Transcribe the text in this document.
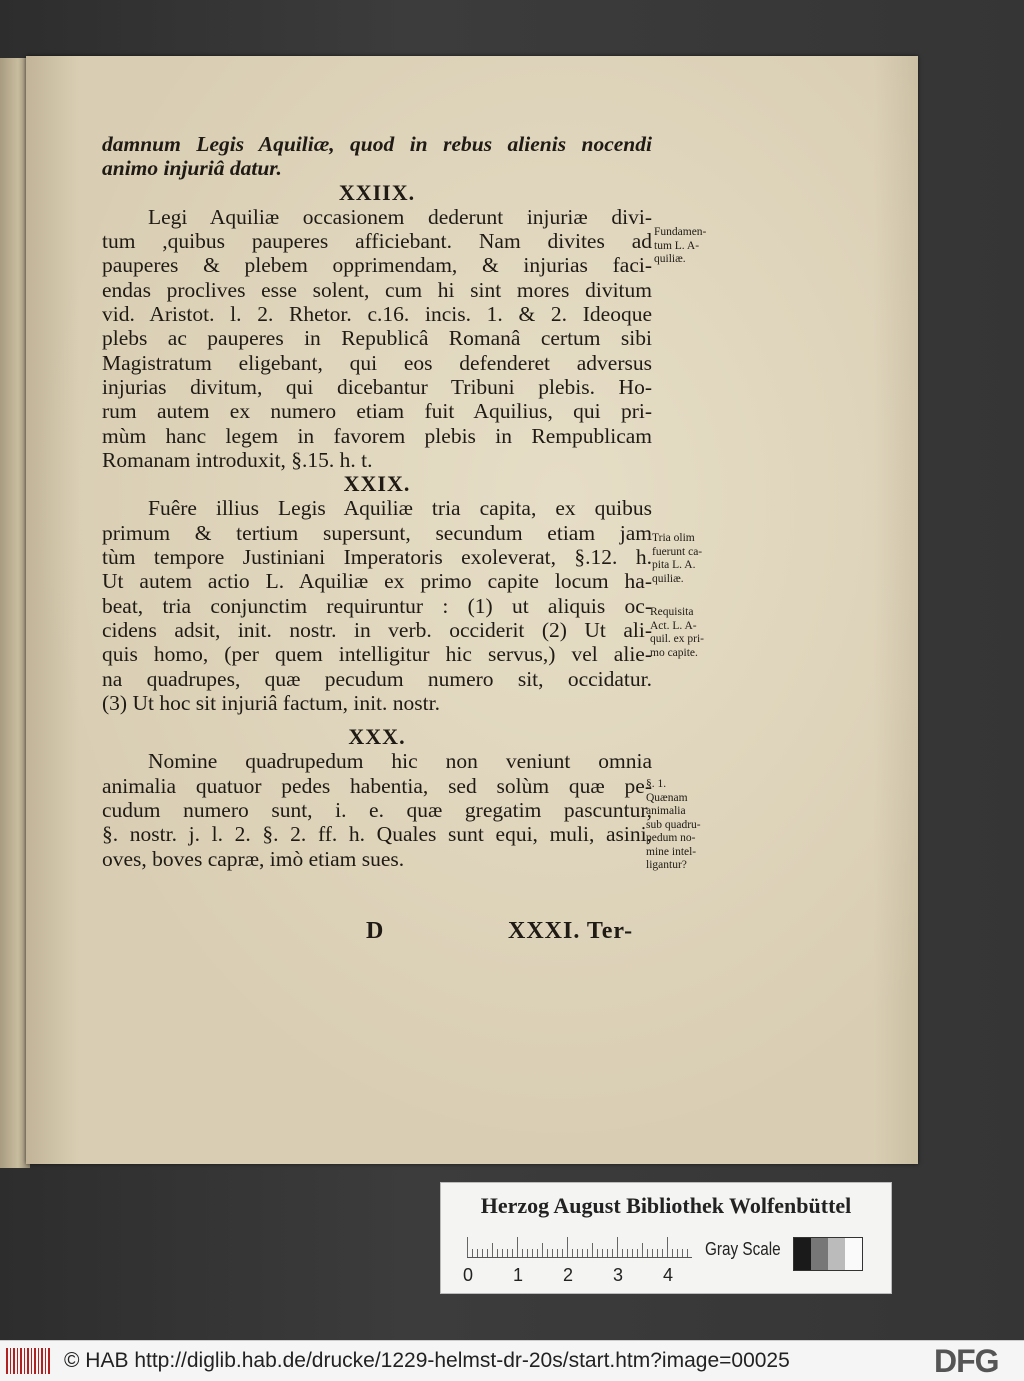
damnum Legis Aquiliæ, quod in rebus alienis nocendi
animo injuriâ datur.
XXIIX.
Legi Aquiliæ occasionem dederunt injuriæ divi-
tum ,quibus pauperes afficiebant. Nam divites ad
pauperes & plebem opprimendam, & injurias faci-
endas proclives esse solent, cum hi sint mores divitum
vid. Aristot. l. 2. Rhetor. c.16. incis. 1. & 2. Ideoque
plebs ac pauperes in Republicâ Romanâ certum sibi
Magistratum eligebant, qui eos defenderet adversus
injurias divitum, qui dicebantur Tribuni plebis. Ho-
rum autem ex numero etiam fuit Aquilius, qui pri-
mùm hanc legem in favorem plebis in Rempublicam
Romanam introduxit, §.15. h. t.
XXIX.
Fuêre illius Legis Aquiliæ tria capita, ex quibus
primum & tertium supersunt, secundum etiam jam
tùm tempore Justiniani Imperatoris exoleverat, §.12. h.
Ut autem actio L. Aquiliæ ex primo capite locum ha-
beat, tria conjunctim requiruntur : (1) ut aliquis oc-
cidens adsit, init. nostr. in verb. occiderit (2) Ut ali-
quis homo, (per quem intelligitur hic servus,) vel alie-
na quadrupes, quæ pecudum numero sit, occidatur.
(3) Ut hoc sit injuriâ factum, init. nostr.
XXX.
Nomine quadrupedum hic non veniunt omnia
animalia quatuor pedes habentia, sed solùm quæ pe-
cudum numero sunt, i. e. quæ gregatim pascuntur,
§. nostr. j. l. 2. §. 2. ff. h. Quales sunt equi, muli, asini,
oves, boves capræ, imò etiam sues.
Fundamen-
tum L. A-
quiliæ.
Tria olim
fuerunt ca-
pita L. A.
quiliæ.
Requisita
Act. L. A-
quil. ex pri-
mo capite.
§. 1.
Quænam
animalia
sub quadru-
pedum no-
mine intel-
ligantur?
D	XXXI. Ter-
Herzog August Bibliothek Wolfenbüttel
0 1 2 3 4
Gray Scale
© HAB http://diglib.hab.de/drucke/1229-helmst-dr-20s/start.htm?image=00025	DFG
